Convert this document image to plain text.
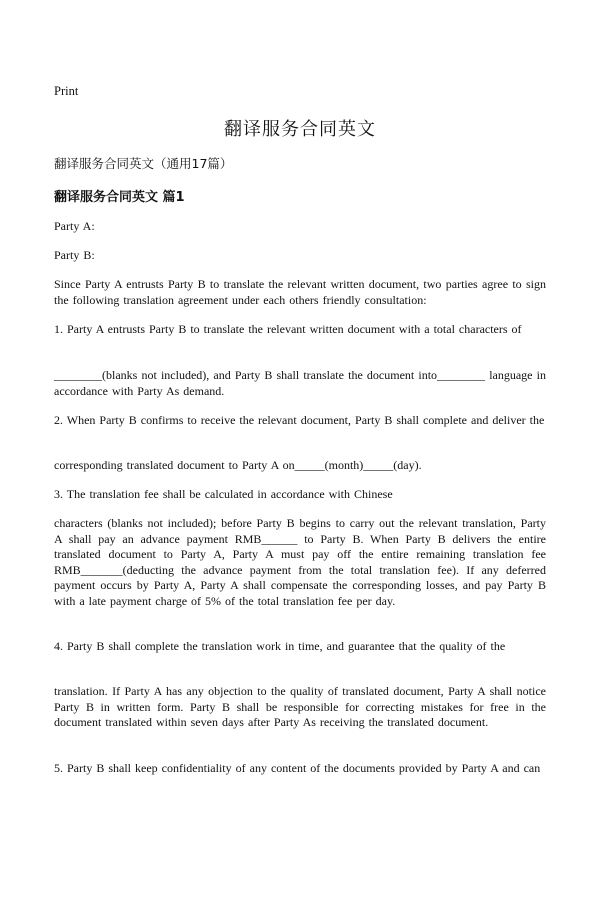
Print
翻译服务合同英文
翻译服务合同英文（通用17篇）
翻译服务合同英文 篇1

Party A:

Party B:

Since Party A entrusts Party B to translate the relevant written document, two parties agree to sign the following translation agreement under each others friendly consultation:

1. Party A entrusts Party B to translate the relevant written document with a total characters of

________(blanks not included), and Party B shall translate the document into________ language in accordance with Party As demand.

2. When Party B confirms to receive the relevant document, Party B shall complete and deliver the

corresponding translated document to Party A on_____(month)_____(day).

3. The translation fee shall be calculated in accordance with Chinese

characters (blanks not included); before Party B begins to carry out the relevant translation, Party A shall pay an advance payment RMB______ to Party B. When Party B delivers the entire translated document to Party A, Party A must pay off the entire remaining translation fee RMB_______(deducting the advance payment from the total translation fee). If any deferred payment occurs by Party A, Party A shall compensate the corresponding losses, and pay Party B with a late payment charge of 5% of the total translation fee per day.

4. Party B shall complete the translation work in time, and guarantee that the quality of the

translation. If Party A has any objection to the quality of translated document, Party A shall notice Party B in written form. Party B shall be responsible for correcting mistakes for free in the document translated within seven days after Party As receiving the translated document.

5. Party B shall keep confidentiality of any content of the documents provided by Party A and can
